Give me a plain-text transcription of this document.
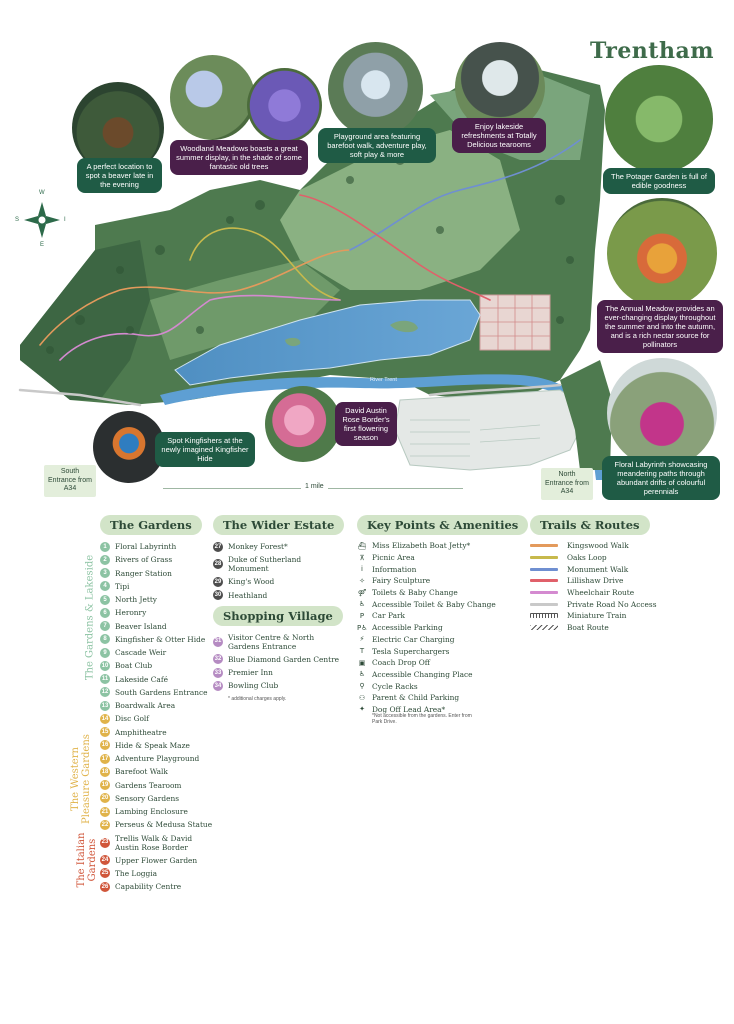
W
I
E
S
River Trent
Trentham
A perfect location to spot a beaver late in the evening
Woodland Meadows boasts a great summer display, in the shade of some fantastic old trees
Playground area featuring barefoot walk, adventure play, soft play & more
Enjoy lakeside refreshments at Totally Delicious tearooms
The Potager Garden is full of edible goodness
The Annual Meadow provides an ever-changing display throughout the summer and into the autumn, and is a rich nectar source for pollinators
Spot Kingfishers at the newly imagined Kingfisher Hide
David Austin Rose Border's first flowering season
Floral Labyrinth showcasing meandering paths through abundant drifts of colourful perennials
South Entrance from A34
North Entrance from A34
1 mile
The Gardens & Lakeside
The Western Pleasure Gardens
The Italian Gardens
The Gardens
1	Floral Labyrinth
2	Rivers of Grass
3	Ranger Station
4	Tipi
5	North Jetty
6	Heronry
7	Beaver Island
8	Kingfisher & Otter Hide
9	Cascade Weir
10 Boat Club
11 Lakeside Café
12 South Gardens Entrance
13 Boardwalk Area
14 Disc Golf
15 Amphitheatre
16 Hide & Speak Maze
17 Adventure Playground
18 Barefoot Walk
19 Gardens Tearoom
20 Sensory Gardens
21 Lambing Enclosure
22 Perseus & Medusa Statue
23 Trellis Walk & David Austin Rose Border
24 Upper Flower Garden
25 The Loggia
26 Capability Centre
The Wider Estate
27 Monkey Forest*
28 Duke of Sutherland Monument
29 King's Wood
30 Heathland
Shopping Village
31 Visitor Centre & North Gardens Entrance
32 Blue Diamond Garden Centre
33 Premier Inn
34 Bowling Club
* additional charges apply.
Key Points & Amenities
⛴ Miss Elizabeth Boat Jetty*
⊼	Picnic Area
i	Information
✧ Fairy Sculpture
⚤ Toilets & Baby Change
♿ Accessible Toilet & Baby Change
P	Car Park
P♿ Accessible Parking
⚡	Electric Car Charging
T	Tesla Superchargers
▣ Coach Drop Off
♿ Accessible Changing Place
⚲	Cycle Racks
⚇ Parent & Child Parking
✦ Dog Off Lead Area*
*Not accessible from the gardens. Enter from Park Drive.
Trails & Routes
Kingswood Walk
Oaks Loop
Monument Walk
Lillishaw Drive
Wheelchair Route
Private Road No Access
Miniature Train
Boat Route
